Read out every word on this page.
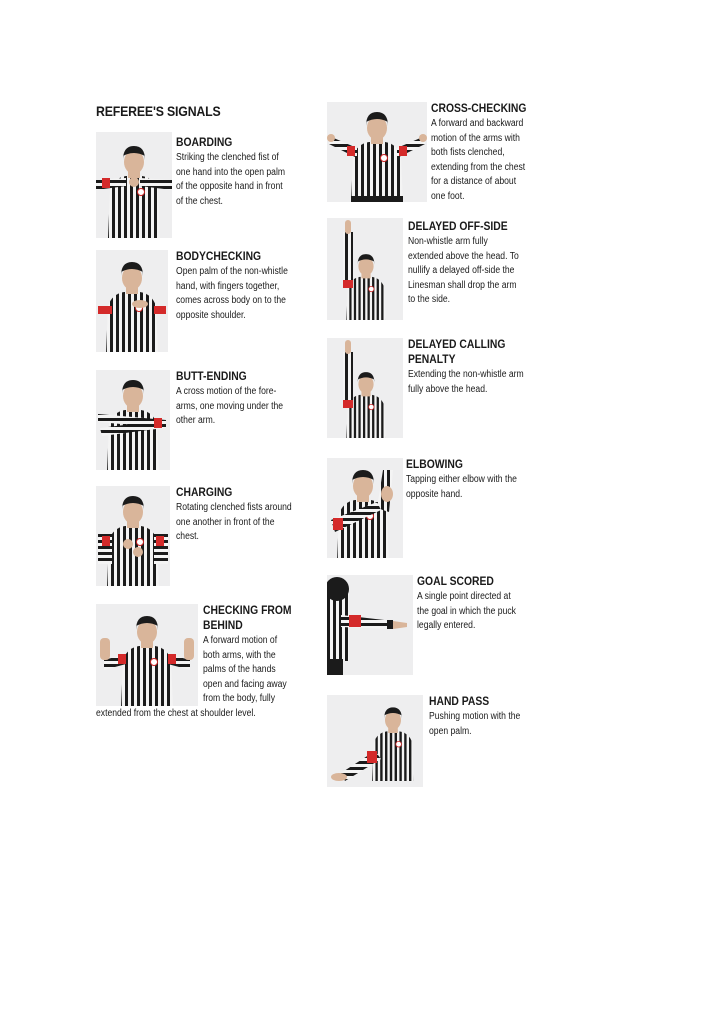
REFEREE'S SIGNALS
BOARDING

Striking the clenched fist of
one hand into the open palm
of the opposite hand in front
of the chest.

BODYCHECKING

Open palm of the non-whistle
hand, with fingers together,
comes across body on to the
opposite shoulder.

BUTT-ENDING

A cross motion of the fore-
arms, one moving under the
other arm.

CHARGING

Rotating clenched fists around
one another in front of the
chest.

CHECKING FROM
BEHIND

A forward motion of
both arms, with the
palms of the hands
open and facing away
from the body, fully

extended from the chest at shoulder level.

CROSS-CHECKING

A forward and backward
motion of the arms with
both fists clenched,
extending from the chest
for a distance of about
one foot.

DELAYED OFF-SIDE

Non-whistle arm fully
extended above the head. To
nullify a delayed off-side the
Linesman shall drop the arm
to the side.

DELAYED CALLING
PENALTY

Extending the non-whistle arm
fully above the head.

ELBOWING

Tapping either elbow with the
opposite hand.

GOAL SCORED

A single point directed at
the goal in which the puck
legally entered.

HAND PASS

Pushing motion with the
open palm.
